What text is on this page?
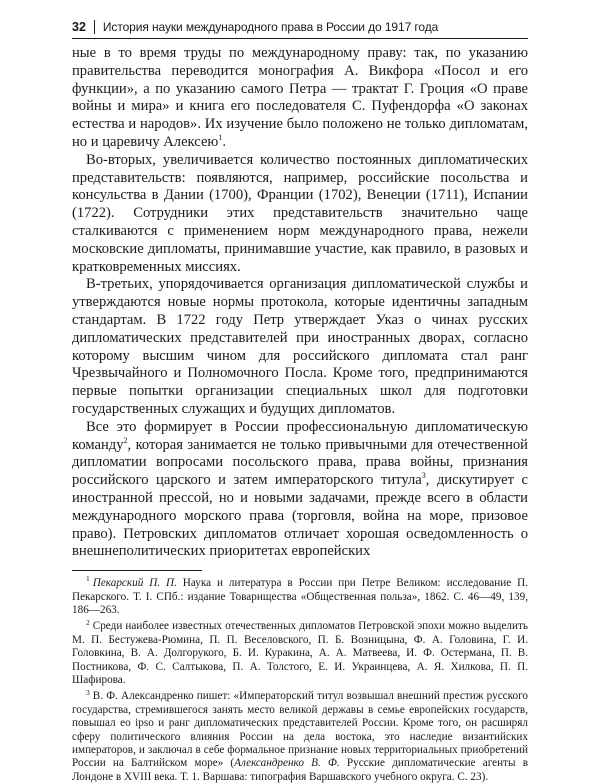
32 История науки международного права в России до 1917 года

ные в то время труды по международному праву: так, по указанию правительства переводится монография А. Викфора «Посол и его функции», а по указанию самого Петра — трактат Г. Гроция «О праве войны и мира» и книга его последователя С. Пуфендорфа «О законах естества и народов». Их изучение было положено не только дипломатам, но и царевичу Алексею$^1$.

Во-вторых, увеличивается количество постоянных дипломатических представительств: появляются, например, российские посольства и консульства в Дании (1700), Франции (1702), Венеции (1711), Испании (1722). Сотрудники этих представительств значительно чаще сталкиваются с применением норм международного права, нежели московские дипломаты, принимавшие участие, как правило, в разовых и кратковременных миссиях.

В-третьих, упорядочивается организация дипломатической службы и утверждаются новые нормы протокола, которые идентичны западным стандартам. В 1722 году Петр утверждает Указ о чинах русских дипломатических представителей при иностранных дворах, согласно которому высшим чином для российского дипломата стал ранг Чрезвычайного и Полномочного Посла. Кроме того, предпринимаются первые попытки организации специальных школ для подготовки государственных служащих и будущих дипломатов.

Все это формирует в России профессиональную дипломатическую команду$^2$, которая занимается не только привычными для отечественной дипломатии вопросами посольского права, права войны, признания российского царского и затем императорского титула$^3$, дискутирует с иностранной прессой, но и новыми задачами, прежде всего в области международного морского права (торговля, война на море, призовое право). Петровских дипломатов отличает хорошая осведомленность о внешнеполитических приоритетах европейских

$^1$ Пекарский П. П. Наука и литература в России при Петре Великом: исследование П. Пекарского. Т. I. СПб.: издание Товарищества «Общественная польза», 1862. С. 46—49, 139, 186—263.

$^2$ Среди наиболее известных отечественных дипломатов Петровской эпохи можно выделить М. П. Бестужева-Рюмина, П. П. Веселовского, П. Б. Возницына, Ф. А. Головина, Г. И. Головкина, В. А. Долгорукого, Б. И. Куракина, А. А. Матвеева, И. Ф. Остермана, П. В. Постникова, Ф. С. Салтыкова, П. А. Толстого, Е. И. Украинцева, А. Я. Хилкова, П. П. Шафирова.

$^3$ В. Ф. Александренко пишет: «Императорский титул возвышал внешний престиж русского государства, стремившегося занять место великой державы в семье европейских государств, повышал eo ipso и ранг дипломатических представителей России. Кроме того, он расширял сферу политического влияния России на дела востока, это наследие византийских императоров, и заключал в себе формальное признание новых территориальных приобретений России на Балтийском море» (Александренко В. Ф. Русские дипломатические агенты в Лондоне в XVIII века. Т. 1. Варшава: типография Варшавского учебного округа. С. 23).
